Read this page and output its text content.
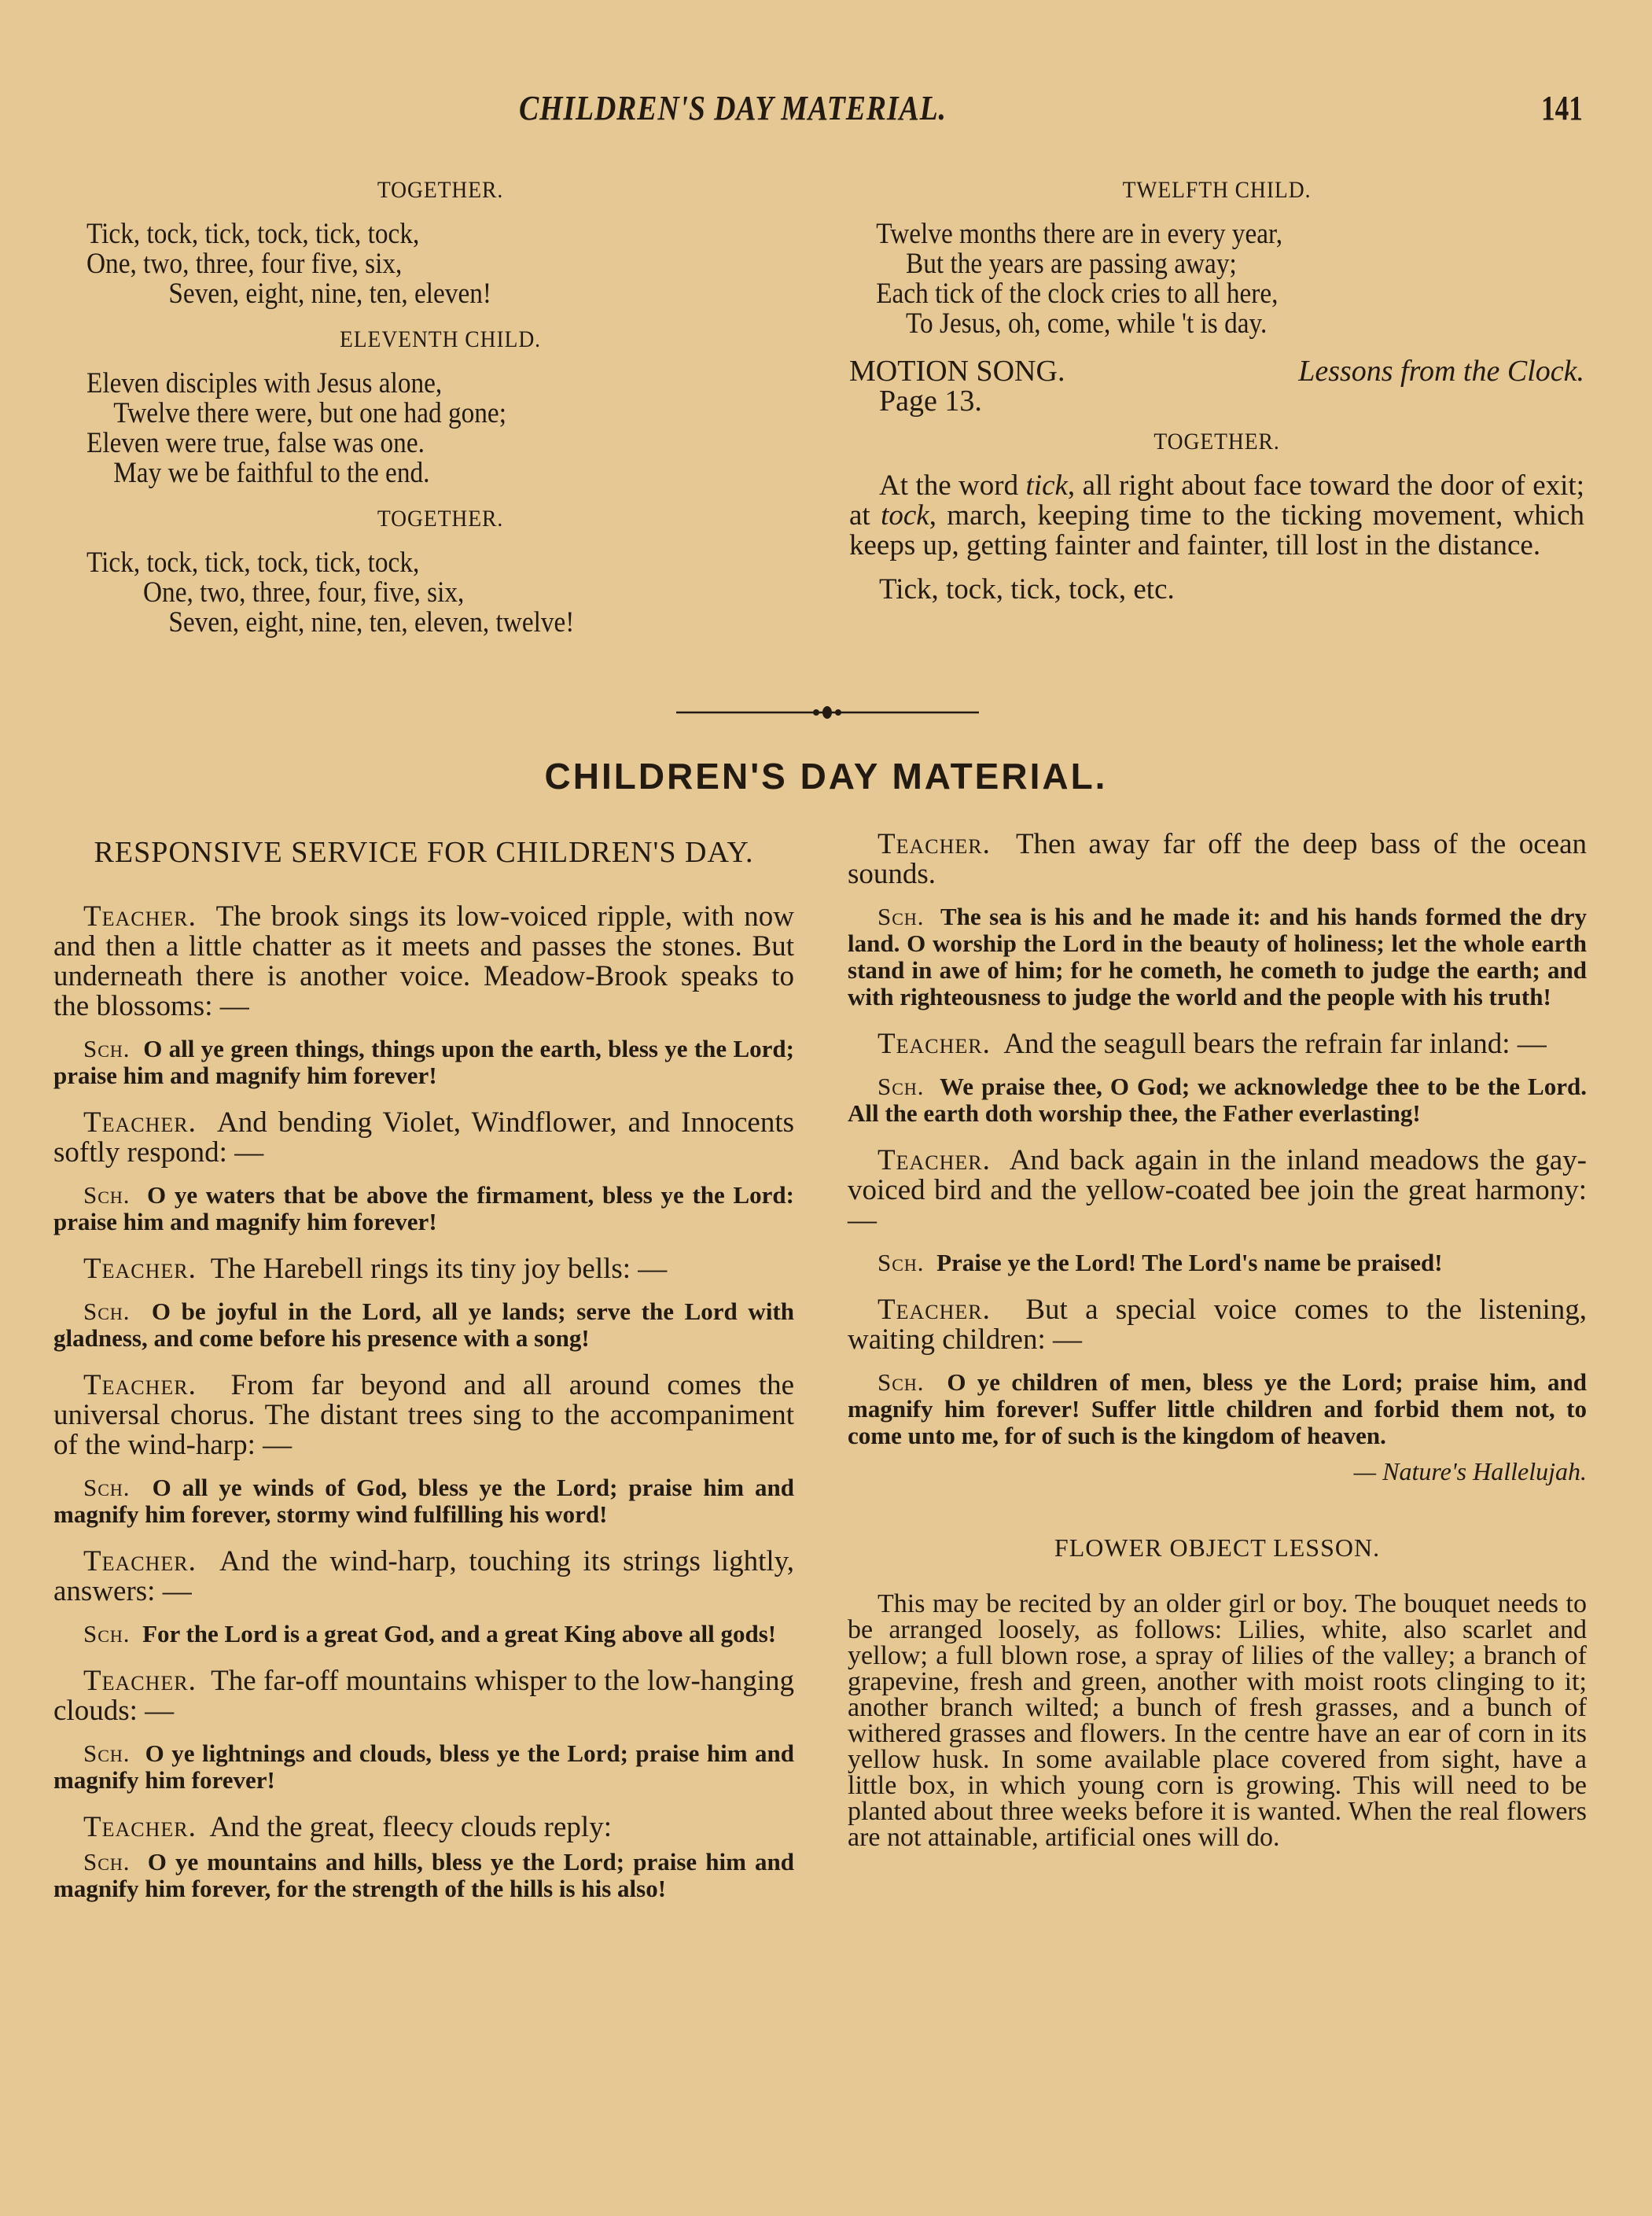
CHILDREN'S DAY MATERIAL.	141
TOGETHER.
Tick, tock, tick, tock, tick, tock,
One, two, three, four five, six,
Seven, eight, nine, ten, eleven!
ELEVENTH CHILD.
Eleven disciples with Jesus alone,
Twelve there were, but one had gone;
Eleven were true, false was one.
May we be faithful to the end.
TOGETHER.
Tick, tock, tick, tock, tick, tock,
One, two, three, four, five, six,
Seven, eight, nine, ten, eleven, twelve!
TWELFTH CHILD.
Twelve months there are in every year,
But the years are passing away;
Each tick of the clock cries to all here,
To Jesus, oh, come, while 't is day.
MOTION SONG.	Lessons from the Clock.
Page 13.
TOGETHER.

At the word tick, all right about face toward the door of exit; at tock, march, keeping time to the ticking movement, which keeps up, getting fainter and fainter, till lost in the distance.

Tick, tock, tick, tock, etc.

CHILDREN'S DAY MATERIAL.
RESPONSIVE SERVICE FOR CHILDREN'S DAY.

Teacher. The brook sings its low-voiced ripple, with now and then a little chatter as it meets and passes the stones. But underneath there is another voice. Meadow-Brook speaks to the blossoms: —

Sch. O all ye green things, things upon the earth, bless ye the Lord; praise him and magnify him forever!

Teacher. And bending Violet, Windflower, and Innocents softly respond: —

Sch. O ye waters that be above the firmament, bless ye the Lord: praise him and magnify him forever!

Teacher. The Harebell rings its tiny joy bells: —

Sch. O be joyful in the Lord, all ye lands; serve the Lord with gladness, and come before his presence with a song!

Teacher. From far beyond and all around comes the universal chorus. The distant trees sing to the accompaniment of the wind-harp: —

Sch. O all ye winds of God, bless ye the Lord; praise him and magnify him forever, stormy wind fulfilling his word!

Teacher. And the wind-harp, touching its strings lightly, answers: —

Sch. For the Lord is a great God, and a great King above all gods!

Teacher. The far-off mountains whisper to the low-hanging clouds: —

Sch. O ye lightnings and clouds, bless ye the Lord; praise him and magnify him forever!

Teacher. And the great, fleecy clouds reply:

Sch. O ye mountains and hills, bless ye the Lord; praise him and magnify him forever, for the strength of the hills is his also!

Teacher. Then away far off the deep bass of the ocean sounds.

Sch. The sea is his and he made it: and his hands formed the dry land. O worship the Lord in the beauty of holiness; let the whole earth stand in awe of him; for he cometh, he cometh to judge the earth; and with righteousness to judge the world and the people with his truth!

Teacher. And the seagull bears the refrain far inland: —

Sch. We praise thee, O God; we acknowledge thee to be the Lord. All the earth doth worship thee, the Father everlasting!

Teacher. And back again in the inland meadows the gay-voiced bird and the yellow-coated bee join the great harmony: —

Sch. Praise ye the Lord! The Lord's name be praised!

Teacher. But a special voice comes to the listening, waiting children: —

Sch. O ye children of men, bless ye the Lord; praise him, and magnify him forever! Suffer little children and forbid them not, to come unto me, for of such is the kingdom of heaven.

— Nature's Hallelujah.
FLOWER OBJECT LESSON.

This may be recited by an older girl or boy. The bouquet needs to be arranged loosely, as follows: Lilies, white, also scarlet and yellow; a full blown rose, a spray of lilies of the valley; a branch of grapevine, fresh and green, another with moist roots clinging to it; another branch wilted; a bunch of fresh grasses, and a bunch of withered grasses and flowers. In the centre have an ear of corn in its yellow husk. In some available place covered from sight, have a little box, in which young corn is growing. This will need to be planted about three weeks before it is wanted. When the real flowers are not attainable, artificial ones will do.
